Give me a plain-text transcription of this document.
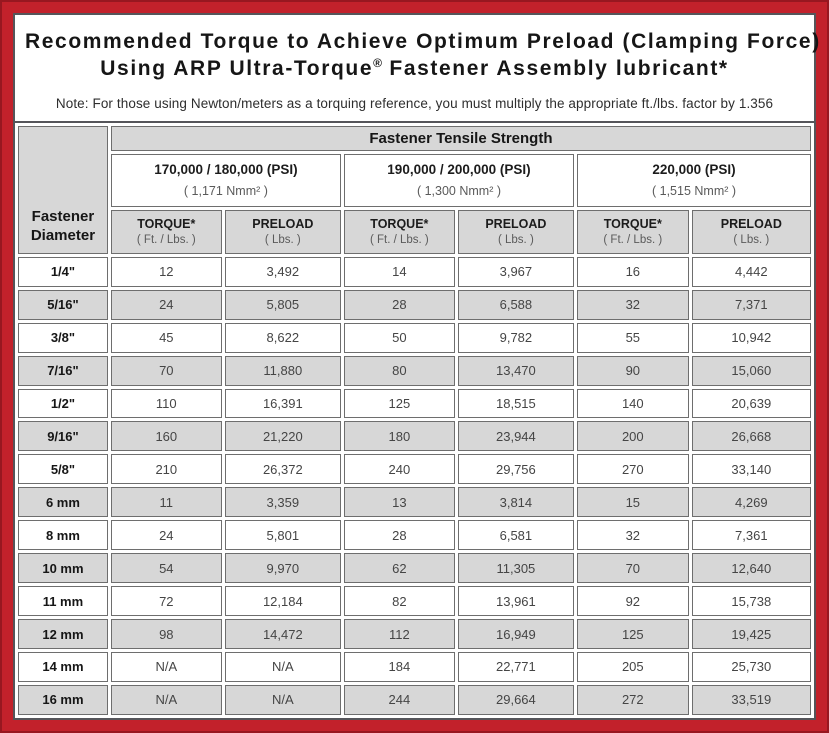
Recommended Torque to Achieve Optimum Preload (Clamping Force)
Using ARP Ultra-Torque® Fastener Assembly lubricant*
Note: For those using Newton/meters as a torquing reference, you must multiply the appropriate ft./lbs. factor by 1.356
Fastener Diameter	Fastener Tensile Strength					

	170,000 / 180,000 (PSI)
( 1,171 Nmm² )		190,000 / 200,000 (PSI)
( 1,300 Nmm² )		220,000 (PSI)
( 1,515 Nmm² )	

	TORQUE*
( Ft. / Lbs. )	PRELOAD
( Lbs. )	TORQUE*
( Ft. / Lbs. )	PRELOAD
( Lbs. )	TORQUE*
( Ft. / Lbs. )	PRELOAD
( Lbs. )

1/4"	12	3,492	14	3,967	16	4,442
5/16"	24	5,805	28	6,588	32	7,371
3/8"	45	8,622	50	9,782	55	10,942
7/16"	70	11,880	80	13,470	90	15,060
1/2"	110	16,391	125	18,515	140	20,639
9/16"	160	21,220	180	23,944	200	26,668
5/8"	210	26,372	240	29,756	270	33,140
6 mm	11	3,359	13	3,814	15	4,269
8 mm	24	5,801	28	6,581	32	7,361
10 mm	54	9,970	62	11,305	70	12,640
11 mm	72	12,184	82	13,961	92	15,738
12 mm	98	14,472	112	16,949	125	19,425
14 mm	N/A	N/A	184	22,771	205	25,730
16 mm	N/A	N/A	244	29,664	272	33,519
